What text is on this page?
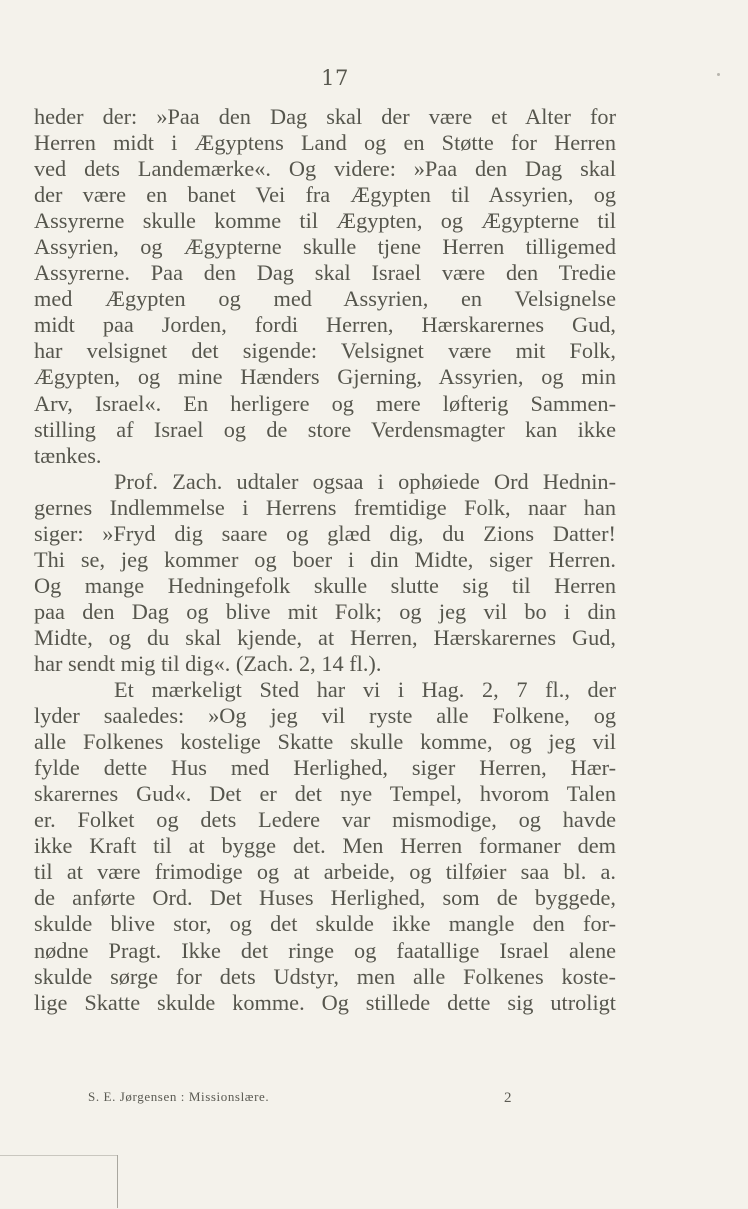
17
heder der: »Paa den Dag skal der være et Alter for
Herren midt i Ægyptens Land og en Støtte for Herren
ved dets Landemærke«. Og videre: »Paa den Dag skal
der være en banet Vei fra Ægypten til Assyrien, og
Assyrerne skulle komme til Ægypten, og Ægypterne til
Assyrien, og Ægypterne skulle tjene Herren tilligemed
Assyrerne. Paa den Dag skal Israel være den Tredie
med Ægypten og med Assyrien, en Velsignelse
midt paa Jorden, fordi Herren, Hærskarernes Gud,
har velsignet det sigende: Velsignet være mit Folk,
Ægypten, og mine Hænders Gjerning, Assyrien, og min
Arv, Israel«. En herligere og mere løfterig Sammen-
stilling af Israel og de store Verdensmagter kan ikke
tænkes.
Prof. Zach. udtaler ogsaa i ophøiede Ord Hednin-
gernes Indlemmelse i Herrens fremtidige Folk, naar han
siger: »Fryd dig saare og glæd dig, du Zions Datter!
Thi se, jeg kommer og boer i din Midte, siger Herren.
Og mange Hedningefolk skulle slutte sig til Herren
paa den Dag og blive mit Folk; og jeg vil bo i din
Midte, og du skal kjende, at Herren, Hærskarernes Gud,
har sendt mig til dig«. (Zach. 2, 14 fl.).
Et mærkeligt Sted har vi i Hag. 2, 7 fl., der
lyder saaledes: »Og jeg vil ryste alle Folkene, og
alle Folkenes kostelige Skatte skulle komme, og jeg vil
fylde dette Hus med Herlighed, siger Herren, Hær-
skarernes Gud«. Det er det nye Tempel, hvorom Talen
er. Folket og dets Ledere var mismodige, og havde
ikke Kraft til at bygge det. Men Herren formaner dem
til at være frimodige og at arbeide, og tilføier saa bl. a.
de anførte Ord. Det Huses Herlighed, som de byggede,
skulde blive stor, og det skulde ikke mangle den for-
nødne Pragt. Ikke det ringe og faatallige Israel alene
skulde sørge for dets Udstyr, men alle Folkenes koste-
lige Skatte skulde komme. Og stillede dette sig utroligt
S. E. Jørgensen : Missionslære.	2
